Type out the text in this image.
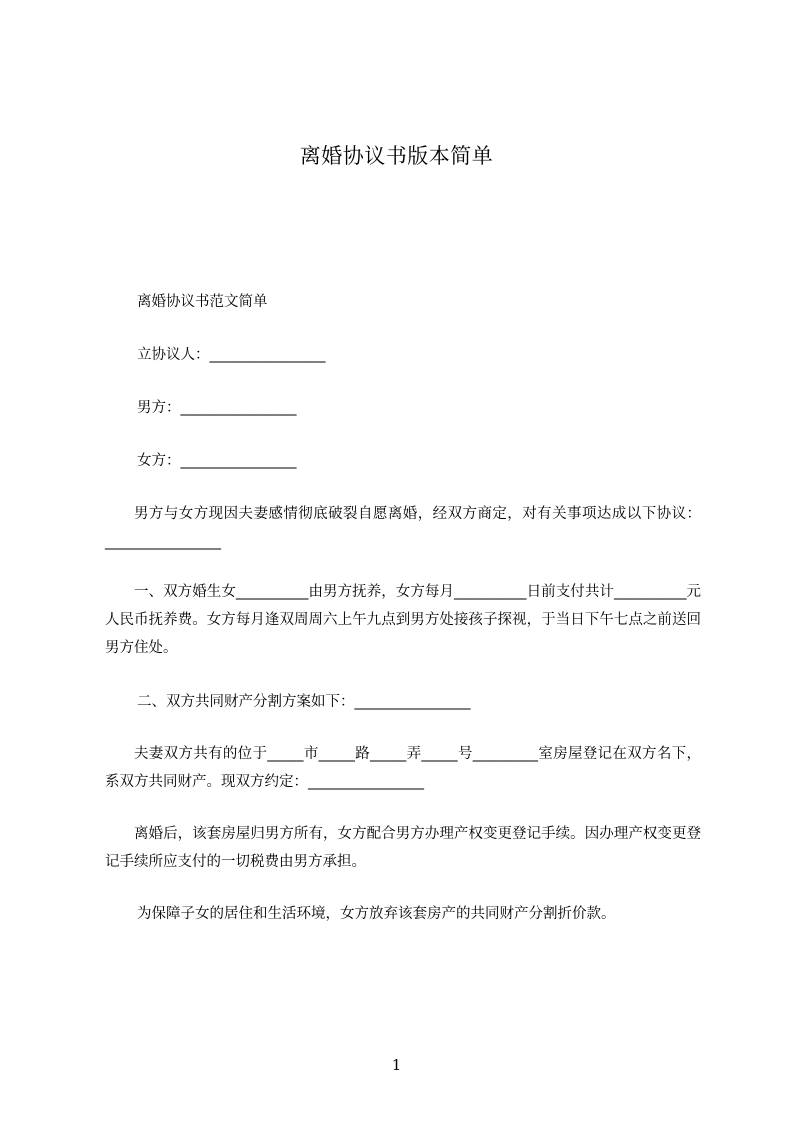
离婚协议书版本简单
离婚协议书范文简单
立协议人：________________
男方：________________
女方：________________
男方与女方现因夫妻感情彻底破裂自愿离婚，经双方商定，对有关事项达成以下协议：________________
一、双方婚生女__________由男方抚养，女方每月__________日前支付共计__________元人民币抚养费。女方每月逢双周周六上午九点到男方处接孩子探视，于当日下午七点之前送回男方住处。
二、双方共同财产分割方案如下：________________
夫妻双方共有的位于_____市_____路_____弄_____号_________室房屋登记在双方名下，系双方共同财产。现双方约定：________________
离婚后，该套房屋归男方所有，女方配合男方办理产权变更登记手续。因办理产权变更登记手续所应支付的一切税费由男方承担。
为保障子女的居住和生活环境，女方放弃该套房产的共同财产分割折价款。
1
